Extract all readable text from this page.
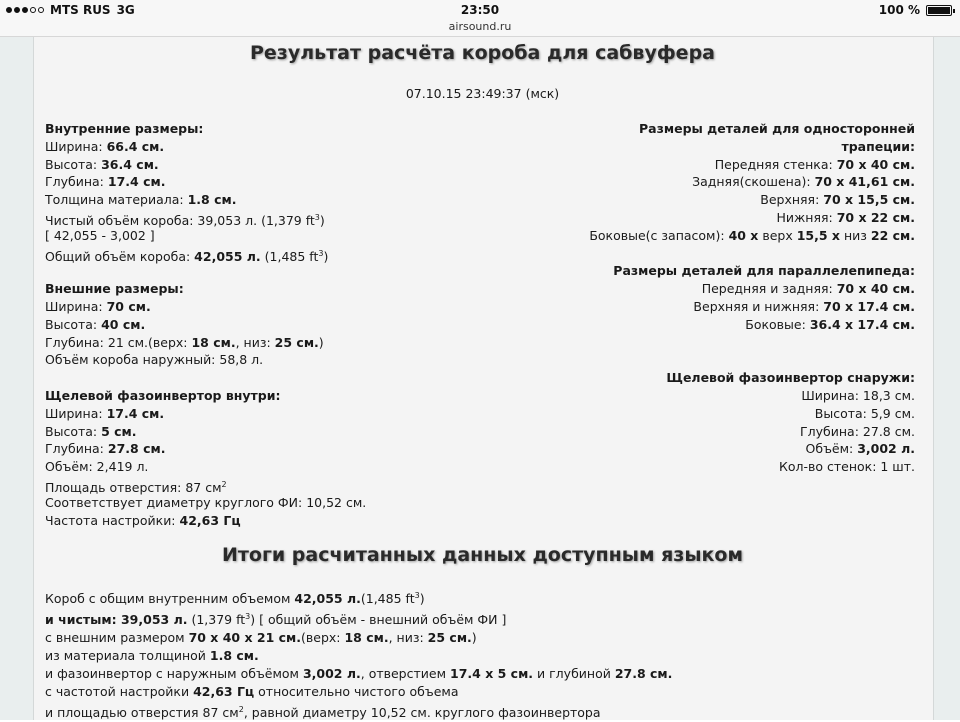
MTS RUS 3G	23:50	100 %
airsound.ru
Результат расчёта короба для сабвуфера
07.10.15 23:49:37 (мск)
Внутренние размеры:
Ширина: 66.4 см.
Высота: 36.4 см.
Глубина: 17.4 см.
Толщина материала: 1.8 см.
Чистый объём короба: 39,053 л. (1,379 $ft^3$)
[ 42,055 - 3,002 ]
Общий объём короба: 42,055 л. (1,485 $ft^3$)
Внешние размеры:
Ширина: 70 см.
Высота: 40 см.
Глубина: 21 см.(верх: 18 см., низ: 25 см.)
Объём короба наружный: 58,8 л.
Щелевой фазоинвертор внутри:
Ширина: 17.4 см.
Высота: 5 см.
Глубина: 27.8 см.
Объём: 2,419 л.
Площадь отверстия: 87 $см^2$
Соответствует диаметру круглого ФИ: 10,52 см.
Частота настройки: 42,63 Гц
Размеры деталей для односторонней
трапеции:
Передняя стенка: 70 х 40 см.
Задняя(скошена): 70 х 41,61 см.
Верхняя: 70 х 15,5 см.
Нижняя: 70 х 22 см.
Боковые(с запасом): 40 х верх 15,5 х низ 22 см.
Размеры деталей для параллелепипеда:
Передняя и задняя: 70 х 40 см.
Верхняя и нижняя: 70 х 17.4 см.
Боковые: 36.4 х 17.4 см.
Щелевой фазоинвертор снаружи:
Ширина: 18,3 см.
Высота: 5,9 см.
Глубина: 27.8 см.
Объём: 3,002 л.
Кол-во стенок: 1 шт.
Итоги расчитанных данных доступным языком
Короб с общим внутренним объемом 42,055 л.(1,485 $ft^3$)
и чистым: 39,053 л. (1,379 $ft^3$) [ общий объём - внешний объём ФИ ]
с внешним размером 70 х 40 х 21 см.(верх: 18 см., низ: 25 см.)
из материала толщиной 1.8 см.
и фазоинвертор с наружным объёмом 3,002 л., отверстием 17.4 х 5 см. и глубиной 27.8 см.
с частотой настройки 42,63 Гц относительно чистого объема
и площадью отверстия 87 $см^2$, равной диаметру 10,52 см. круглого фазоинвертора
